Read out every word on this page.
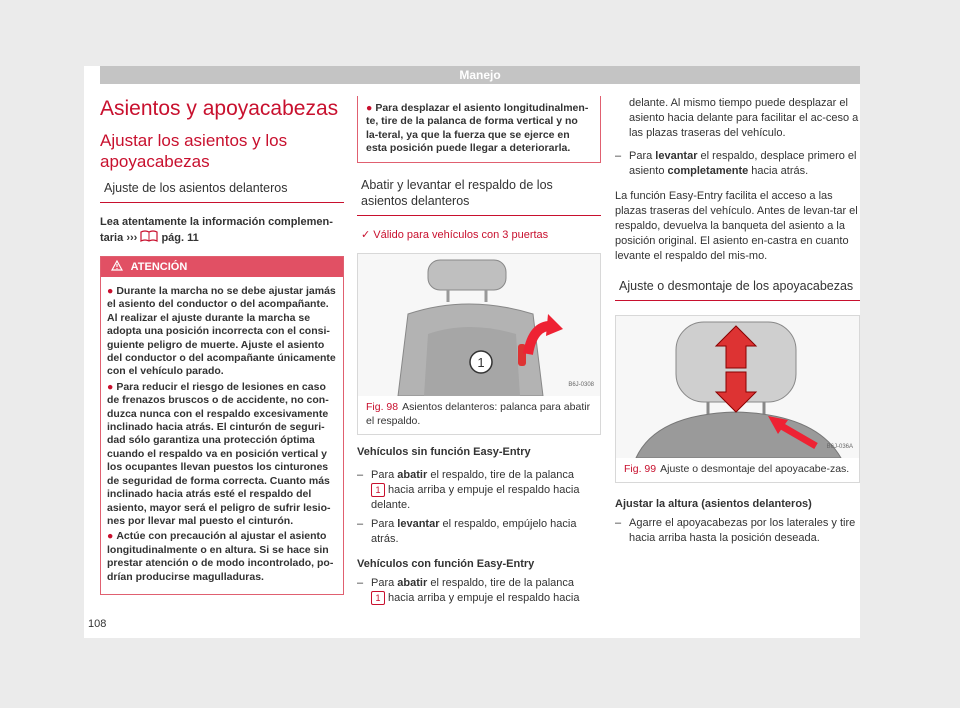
Manejo
Asientos y apoyacabezas
Ajustar los asientos y los apoyacabezas
Ajuste de los asientos delanteros

Lea atentamente la información complemen-
taria ››› pág. 11

ATENCIÓN
● Durante la marcha no se debe ajustar jamás el asiento del conductor o del acompañante. Al realizar el ajuste durante la marcha se adopta una posición incorrecta con el consi-guiente peligro de muerte. Ajuste el asiento del conductor o del acompañante únicamente con el vehículo parado.
● Para reducir el riesgo de lesiones en caso de frenazos bruscos o de accidente, no con-duzca nunca con el respaldo excesivamente inclinado hacia atrás. El cinturón de seguri-dad sólo garantiza una protección óptima cuando el respaldo va en posición vertical y los ocupantes llevan puestos los cinturones de seguridad de forma correcta. Cuanto más inclinado hacia atrás esté el respaldo del asiento, mayor será el peligro de sufrir lesio-nes por llevar mal puesto el cinturón.
● Actúe con precaución al ajustar el asiento longitudinalmente o en altura. Si se hace sin prestar atención o de modo incontrolado, po-drían producirse magulladuras.
● Para desplazar el asiento longitudinalmen-te, tire de la palanca de forma vertical y no la-teral, ya que la fuerza que se ejerce en esta posición puede llegar a deteriorarla.
Abatir y levantar el respaldo de los asientos delanteros
✓ Válido para vehículos con 3 puertas
1
B6J-0308
Fig. 98 Asientos delanteros: palanca para abatir el respaldo.

Vehículos sin función Easy-Entry

– Para abatir el respaldo, tire de la palanca
1 hacia arriba y empuje el respaldo hacia delante.
– Para levantar el respaldo, empújelo hacia atrás.

Vehículos con función Easy-Entry

– Para abatir el respaldo, tire de la palanca
1 hacia arriba y empuje el respaldo hacia

delante. Al mismo tiempo puede desplazar el asiento hacia delante para facilitar el ac-ceso a las plazas traseras del vehículo.

– Para levantar el respaldo, desplace primero el asiento completamente hacia atrás.

La función Easy-Entry facilita el acceso a las plazas traseras del vehículo. Antes de levan-tar el respaldo, devuelva la banqueta del asiento a la posición original. El asiento en-castra en cuanto levante el respaldo del mis-mo.

Ajuste o desmontaje de los apoyacabezas
B6J-036A
Fig. 99 Ajuste o desmontaje del apoyacabe-zas.

Ajustar la altura (asientos delanteros)

– Agarre el apoyacabezas por los laterales y tire hacia arriba hasta la posición deseada.
108
